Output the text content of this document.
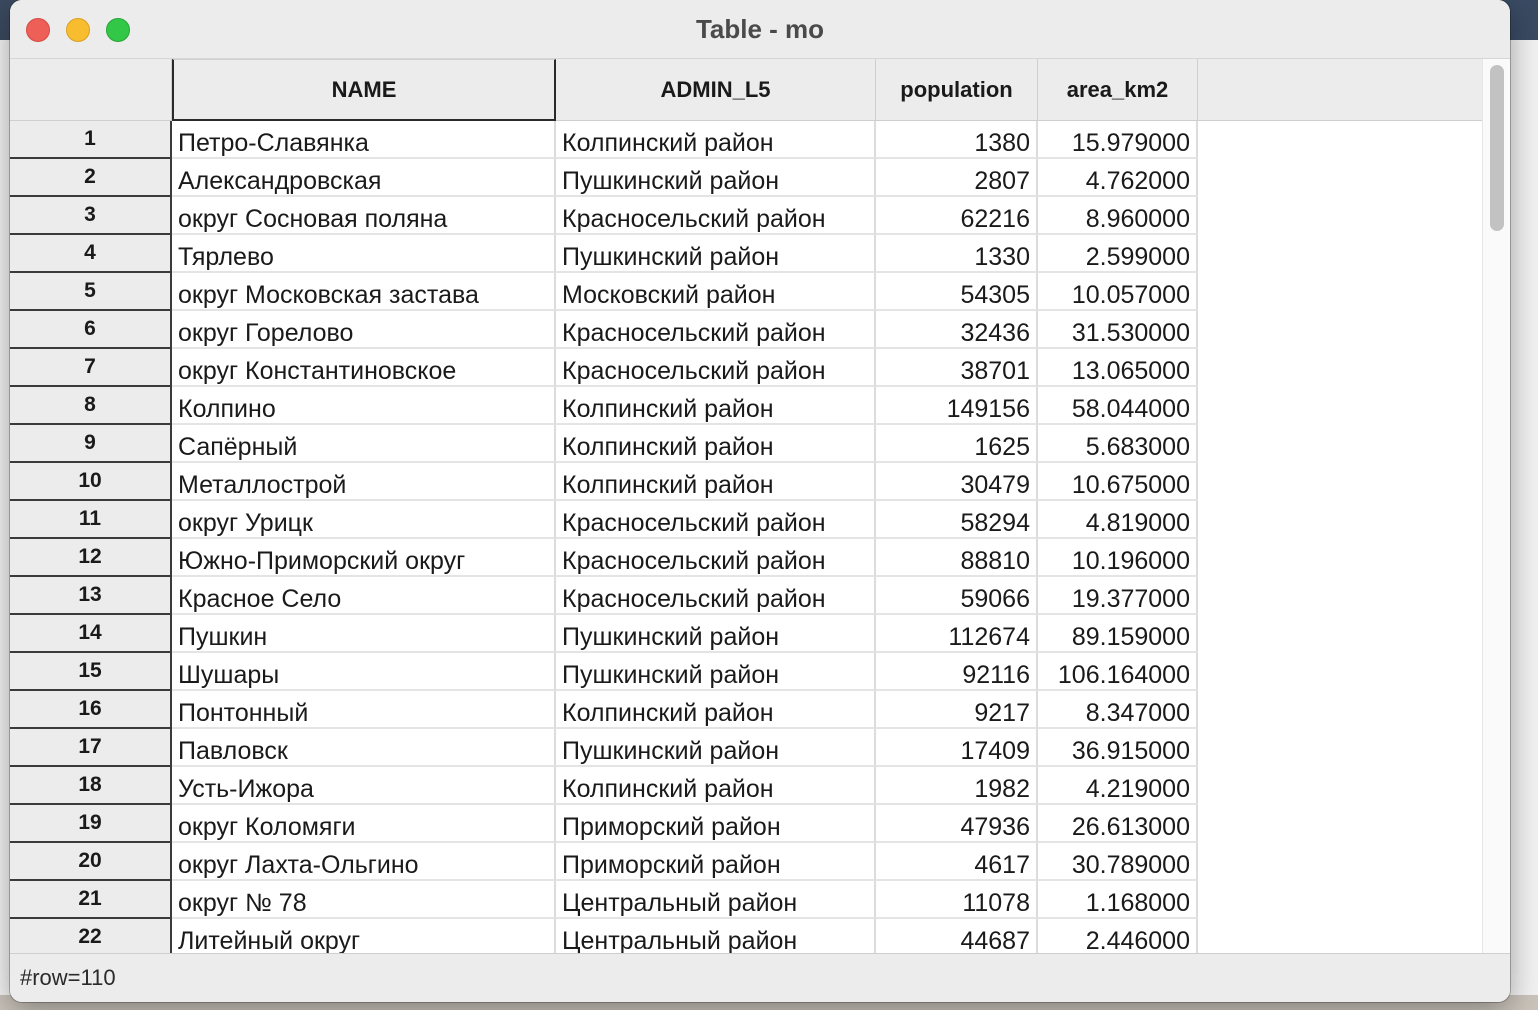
Table - mo
NAME	ADMIN_L5	population	area_km2
1	Петро-Славянка	Колпинский район	1380	15.979000
2	Александровская	Пушкинский район	2807	4.762000
3	округ Сосновая поляна	Красносельский район	62216	8.960000
4	Тярлево	Пушкинский район	1330	2.599000
5	округ Московская застава	Московский район	54305	10.057000
6	округ Горелово	Красносельский район	32436	31.530000
7	округ Константиновское	Красносельский район	38701	13.065000
8	Колпино	Колпинский район	149156	58.044000
9	Сапёрный	Колпинский район	1625	5.683000
10	Металлострой	Колпинский район	30479	10.675000
11	округ Урицк	Красносельский район	58294	4.819000
12	Южно-Приморский округ	Красносельский район	88810	10.196000
13	Красное Село	Красносельский район	59066	19.377000
14	Пушкин	Пушкинский район	112674	89.159000
15	Шушары	Пушкинский район	92116	106.164000
16	Понтонный	Колпинский район	9217	8.347000
17	Павловск	Пушкинский район	17409	36.915000
18	Усть-Ижора	Колпинский район	1982	4.219000
19	округ Коломяги	Приморский район	47936	26.613000
20	округ Лахта-Ольгино	Приморский район	4617	30.789000
21	округ № 78	Центральный район	11078	1.168000
22	Литейный округ	Центральный район	44687	2.446000
#row=110
